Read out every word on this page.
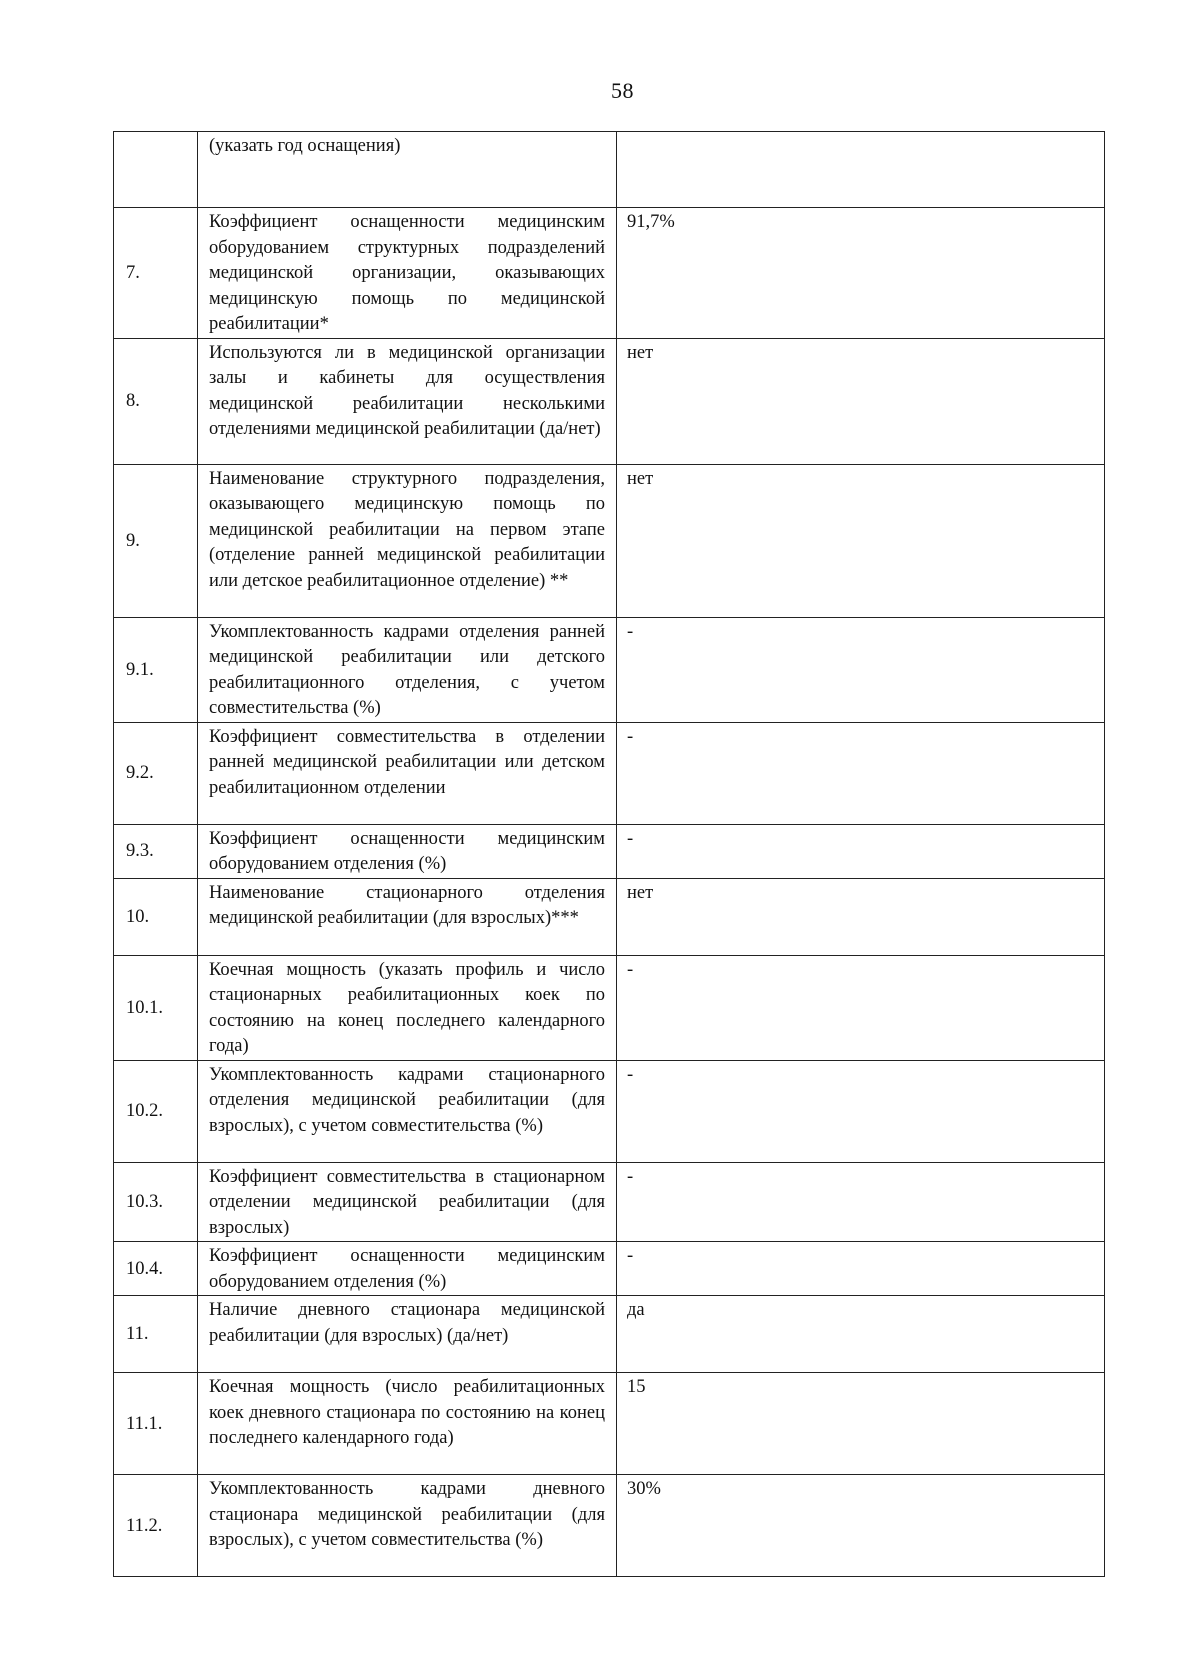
58
	(указать год оснащения)	
7.	Коэффициент оснащенности медицинским оборудованием структурных подразделений медицинской организации, оказывающих медицинскую помощь по медицинской реабилитации*	91,7%
8.	Используются ли в медицинской организации залы и кабинеты для осуществления медицинской реабилитации несколькими отделениями медицинской реабилитации (да/нет)	нет
9.	Наименование структурного подразделения, оказывающего медицинскую помощь по медицинской реабилитации на первом этапе (отделение ранней медицинской реабилитации или детское реабилитационное отделение) **	нет
9.1.	Укомплектованность кадрами отделения ранней медицинской реабилитации или детского реабилитационного отделения, с учетом совместительства (%)	-
9.2.	Коэффициент совместительства в отделении ранней медицинской реабилитации или детском реабилитационном отделении	-
9.3.	Коэффициент оснащенности медицинским оборудованием отделения (%)	-
10.	Наименование стационарного отделения медицинской реабилитации (для взрослых)***	нет
10.1.	Коечная мощность (указать профиль и число стационарных реабилитационных коек по состоянию на конец последнего календарного года)	-
10.2.	Укомплектованность кадрами стационарного отделения медицинской реабилитации (для взрослых), с учетом совместительства (%)	-
10.3.	Коэффициент совместительства в стационарном отделении медицинской реабилитации (для взрослых)	-
10.4.	Коэффициент оснащенности медицинским оборудованием отделения (%)	-
11.	Наличие дневного стационара медицинской реабилитации (для взрослых) (да/нет)	да
11.1.	Коечная мощность (число реабилитационных коек дневного стационара по состоянию на конец последнего календарного года)	15
11.2.	Укомплектованность кадрами дневного стационара медицинской реабилитации (для взрослых), с учетом совместительства (%)	30%
